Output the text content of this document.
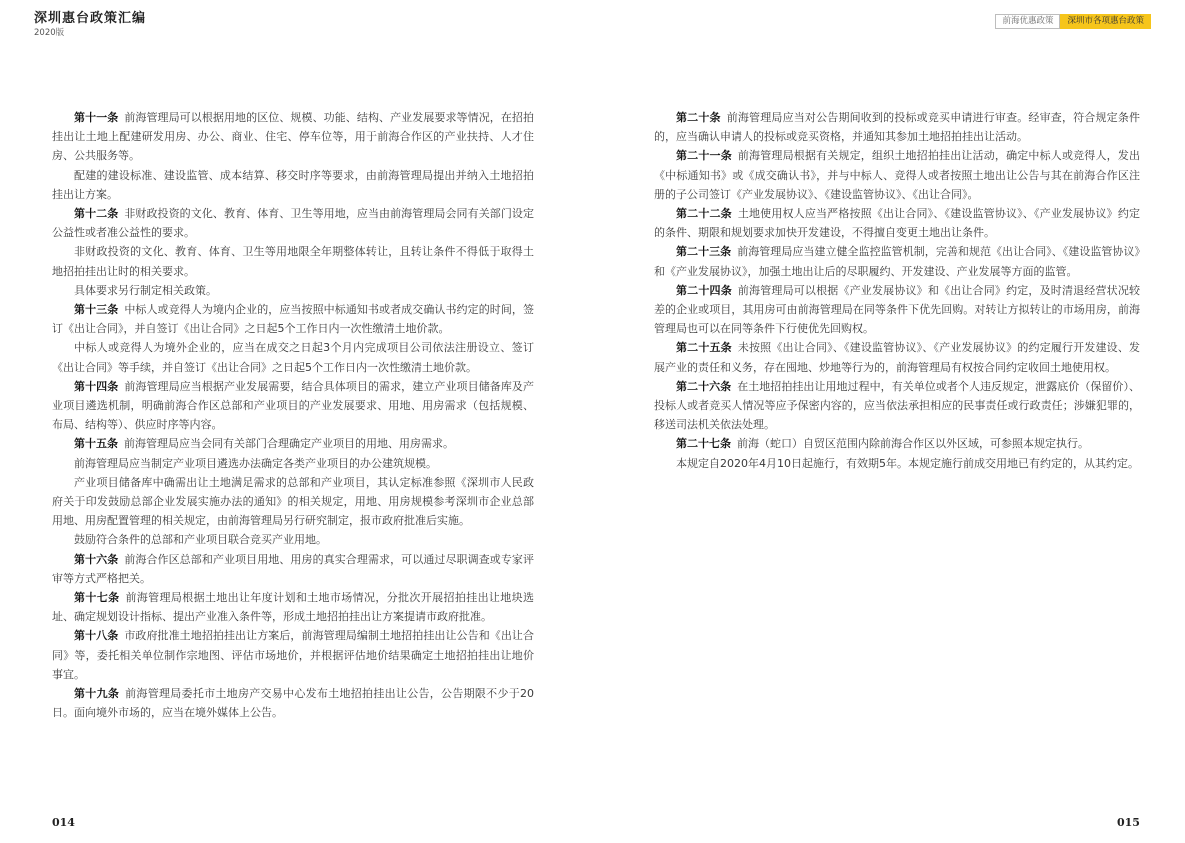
深圳惠台政策汇编
2020版
前海优惠政策	深圳市各项惠台政策

第十一条 前海管理局可以根据用地的区位、规模、功能、结构、产业发展要求等情况，在招拍挂出让土地上配建研发用房、办公、商业、住宅、停车位等，用于前海合作区的产业扶持、人才住房、公共服务等。

配建的建设标准、建设监管、成本结算、移交时序等要求，由前海管理局提出并纳入土地招拍挂出让方案。

第十二条 非财政投资的文化、教育、体育、卫生等用地，应当由前海管理局会同有关部门设定公益性或者准公益性的要求。

非财政投资的文化、教育、体育、卫生等用地限全年期整体转让，且转让条件不得低于取得土地招拍挂出让时的相关要求。

具体要求另行制定相关政策。

第十三条 中标人或竞得人为境内企业的，应当按照中标通知书或者成交确认书约定的时间，签订《出让合同》，并自签订《出让合同》之日起5个工作日内一次性缴清土地价款。

中标人或竞得人为境外企业的，应当在成交之日起3个月内完成项目公司依法注册设立、签订《出让合同》等手续，并自签订《出让合同》之日起5个工作日内一次性缴清土地价款。

第十四条 前海管理局应当根据产业发展需要，结合具体项目的需求，建立产业项目储备库及产业项目遴选机制，明确前海合作区总部和产业项目的产业发展要求、用地、用房需求（包括规模、布局、结构等）、供应时序等内容。

第十五条 前海管理局应当会同有关部门合理确定产业项目的用地、用房需求。

前海管理局应当制定产业项目遴选办法确定各类产业项目的办公建筑规模。

产业项目储备库中确需出让土地满足需求的总部和产业项目，其认定标准参照《深圳市人民政府关于印发鼓励总部企业发展实施办法的通知》的相关规定，用地、用房规模参考深圳市企业总部用地、用房配置管理的相关规定，由前海管理局另行研究制定，报市政府批准后实施。

鼓励符合条件的总部和产业项目联合竞买产业用地。

第十六条 前海合作区总部和产业项目用地、用房的真实合理需求，可以通过尽职调查或专家评审等方式严格把关。

第十七条 前海管理局根据土地出让年度计划和土地市场情况，分批次开展招拍挂出让地块选址、确定规划设计指标、提出产业准入条件等，形成土地招拍挂出让方案提请市政府批准。

第十八条 市政府批准土地招拍挂出让方案后，前海管理局编制土地招拍挂出让公告和《出让合同》等，委托相关单位制作宗地图、评估市场地价，并根据评估地价结果确定土地招拍挂出让地价事宜。

第十九条 前海管理局委托市土地房产交易中心发布土地招拍挂出让公告，公告期限不少于20日。面向境外市场的，应当在境外媒体上公告。

第二十条 前海管理局应当对公告期间收到的投标或竞买申请进行审查。经审查，符合规定条件的，应当确认申请人的投标或竞买资格，并通知其参加土地招拍挂出让活动。

第二十一条 前海管理局根据有关规定，组织土地招拍挂出让活动，确定中标人或竞得人，发出《中标通知书》或《成交确认书》，并与中标人、竞得人或者按照土地出让公告与其在前海合作区注册的子公司签订《产业发展协议》、《建设监管协议》、《出让合同》。

第二十二条 土地使用权人应当严格按照《出让合同》、《建设监管协议》、《产业发展协议》约定的条件、期限和规划要求加快开发建设，不得擅自变更土地出让条件。

第二十三条 前海管理局应当建立健全监控监管机制，完善和规范《出让合同》、《建设监管协议》和《产业发展协议》，加强土地出让后的尽职履约、开发建设、产业发展等方面的监管。

第二十四条 前海管理局可以根据《产业发展协议》和《出让合同》约定，及时清退经营状况较差的企业或项目，其用房可由前海管理局在同等条件下优先回购。对转让方拟转让的市场用房，前海管理局也可以在同等条件下行使优先回购权。

第二十五条 未按照《出让合同》、《建设监管协议》、《产业发展协议》的约定履行开发建设、发展产业的责任和义务，存在囤地、炒地等行为的，前海管理局有权按合同约定收回土地使用权。

第二十六条 在土地招拍挂出让用地过程中，有关单位或者个人违反规定，泄露底价（保留价）、投标人或者竞买人情况等应予保密内容的，应当依法承担相应的民事责任或行政责任；涉嫌犯罪的，移送司法机关依法处理。

第二十七条 前海（蛇口）自贸区范围内除前海合作区以外区域，可参照本规定执行。

本规定自2020年4月10日起施行，有效期5年。本规定施行前成交用地已有约定的，从其约定。

014	015
